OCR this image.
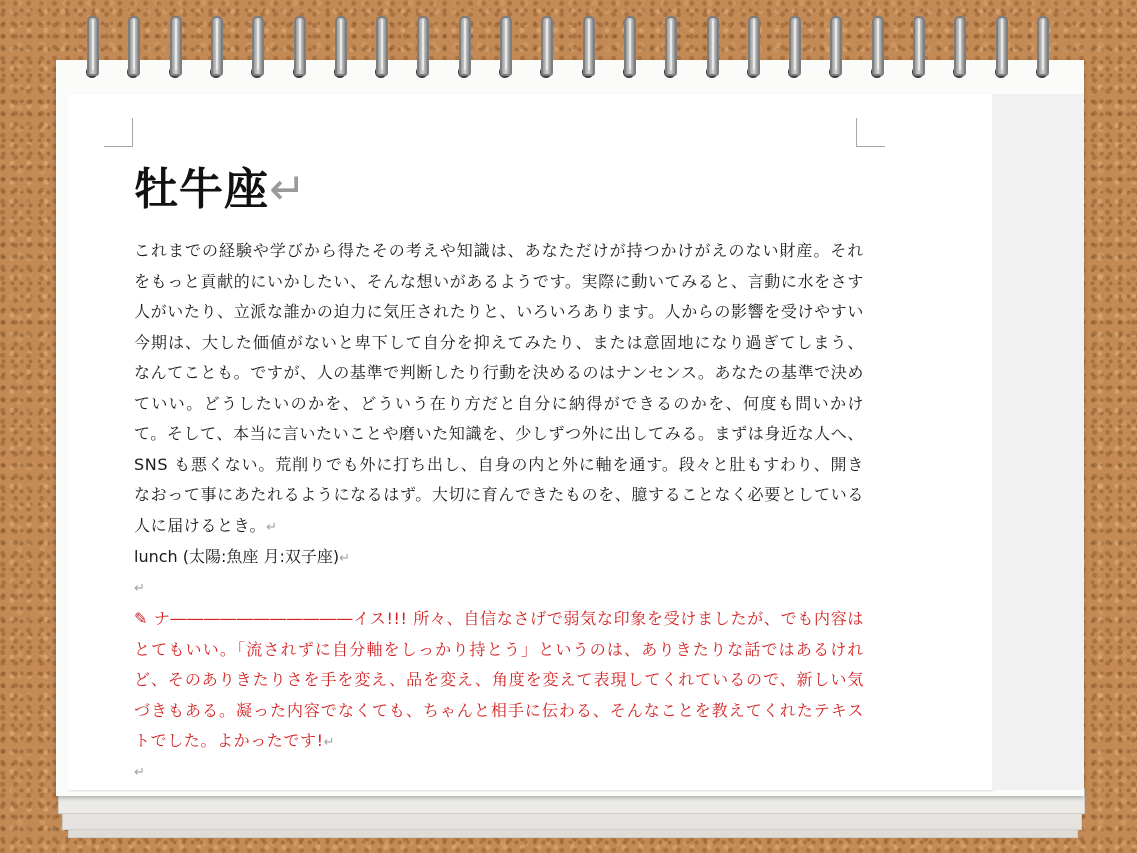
牡牛座↵

これまでの経験や学びから得たその考えや知識は、あなただけが持つかけがえのない財産。それをもっと貢献的にいかしたい、そんな想いがあるようです。実際に動いてみると、言動に水をさす人がいたり、立派な誰かの迫力に気圧されたりと、いろいろあります。人からの影響を受けやすい今期は、大した価値がないと卑下して自分を抑えてみたり、または意固地になり過ぎてしまう、なんてことも。ですが、人の基準で判断したり行動を決めるのはナンセンス。あなたの基準で決めていい。どうしたいのかを、どういう在り方だと自分に納得ができるのかを、何度も問いかけて。そして、本当に言いたいことや磨いた知識を、少しずつ外に出してみる。まずは身近な人へ、SNS も悪くない。荒削りでも外に打ち出し、自身の内と外に軸を通す。段々と肚もすわり、開きなおって事にあたれるようになるはず。大切に育んできたものを、臆することなく必要としている人に届けるとき。↵

lunch (太陽:魚座 月:双子座)↵

↵

✎ ナ―――――――――――イス!!! 所々、自信なさげで弱気な印象を受けましたが、でも内容はとてもいい。「流されずに自分軸をしっかり持とう」というのは、ありきたりな話ではあるけれど、そのありきたりさを手を変え、品を変え、角度を変えて表現してくれているので、新しい気づきもある。凝った内容でなくても、ちゃんと相手に伝わる、そんなことを教えてくれたテキストでした。よかったです!↵

↵
